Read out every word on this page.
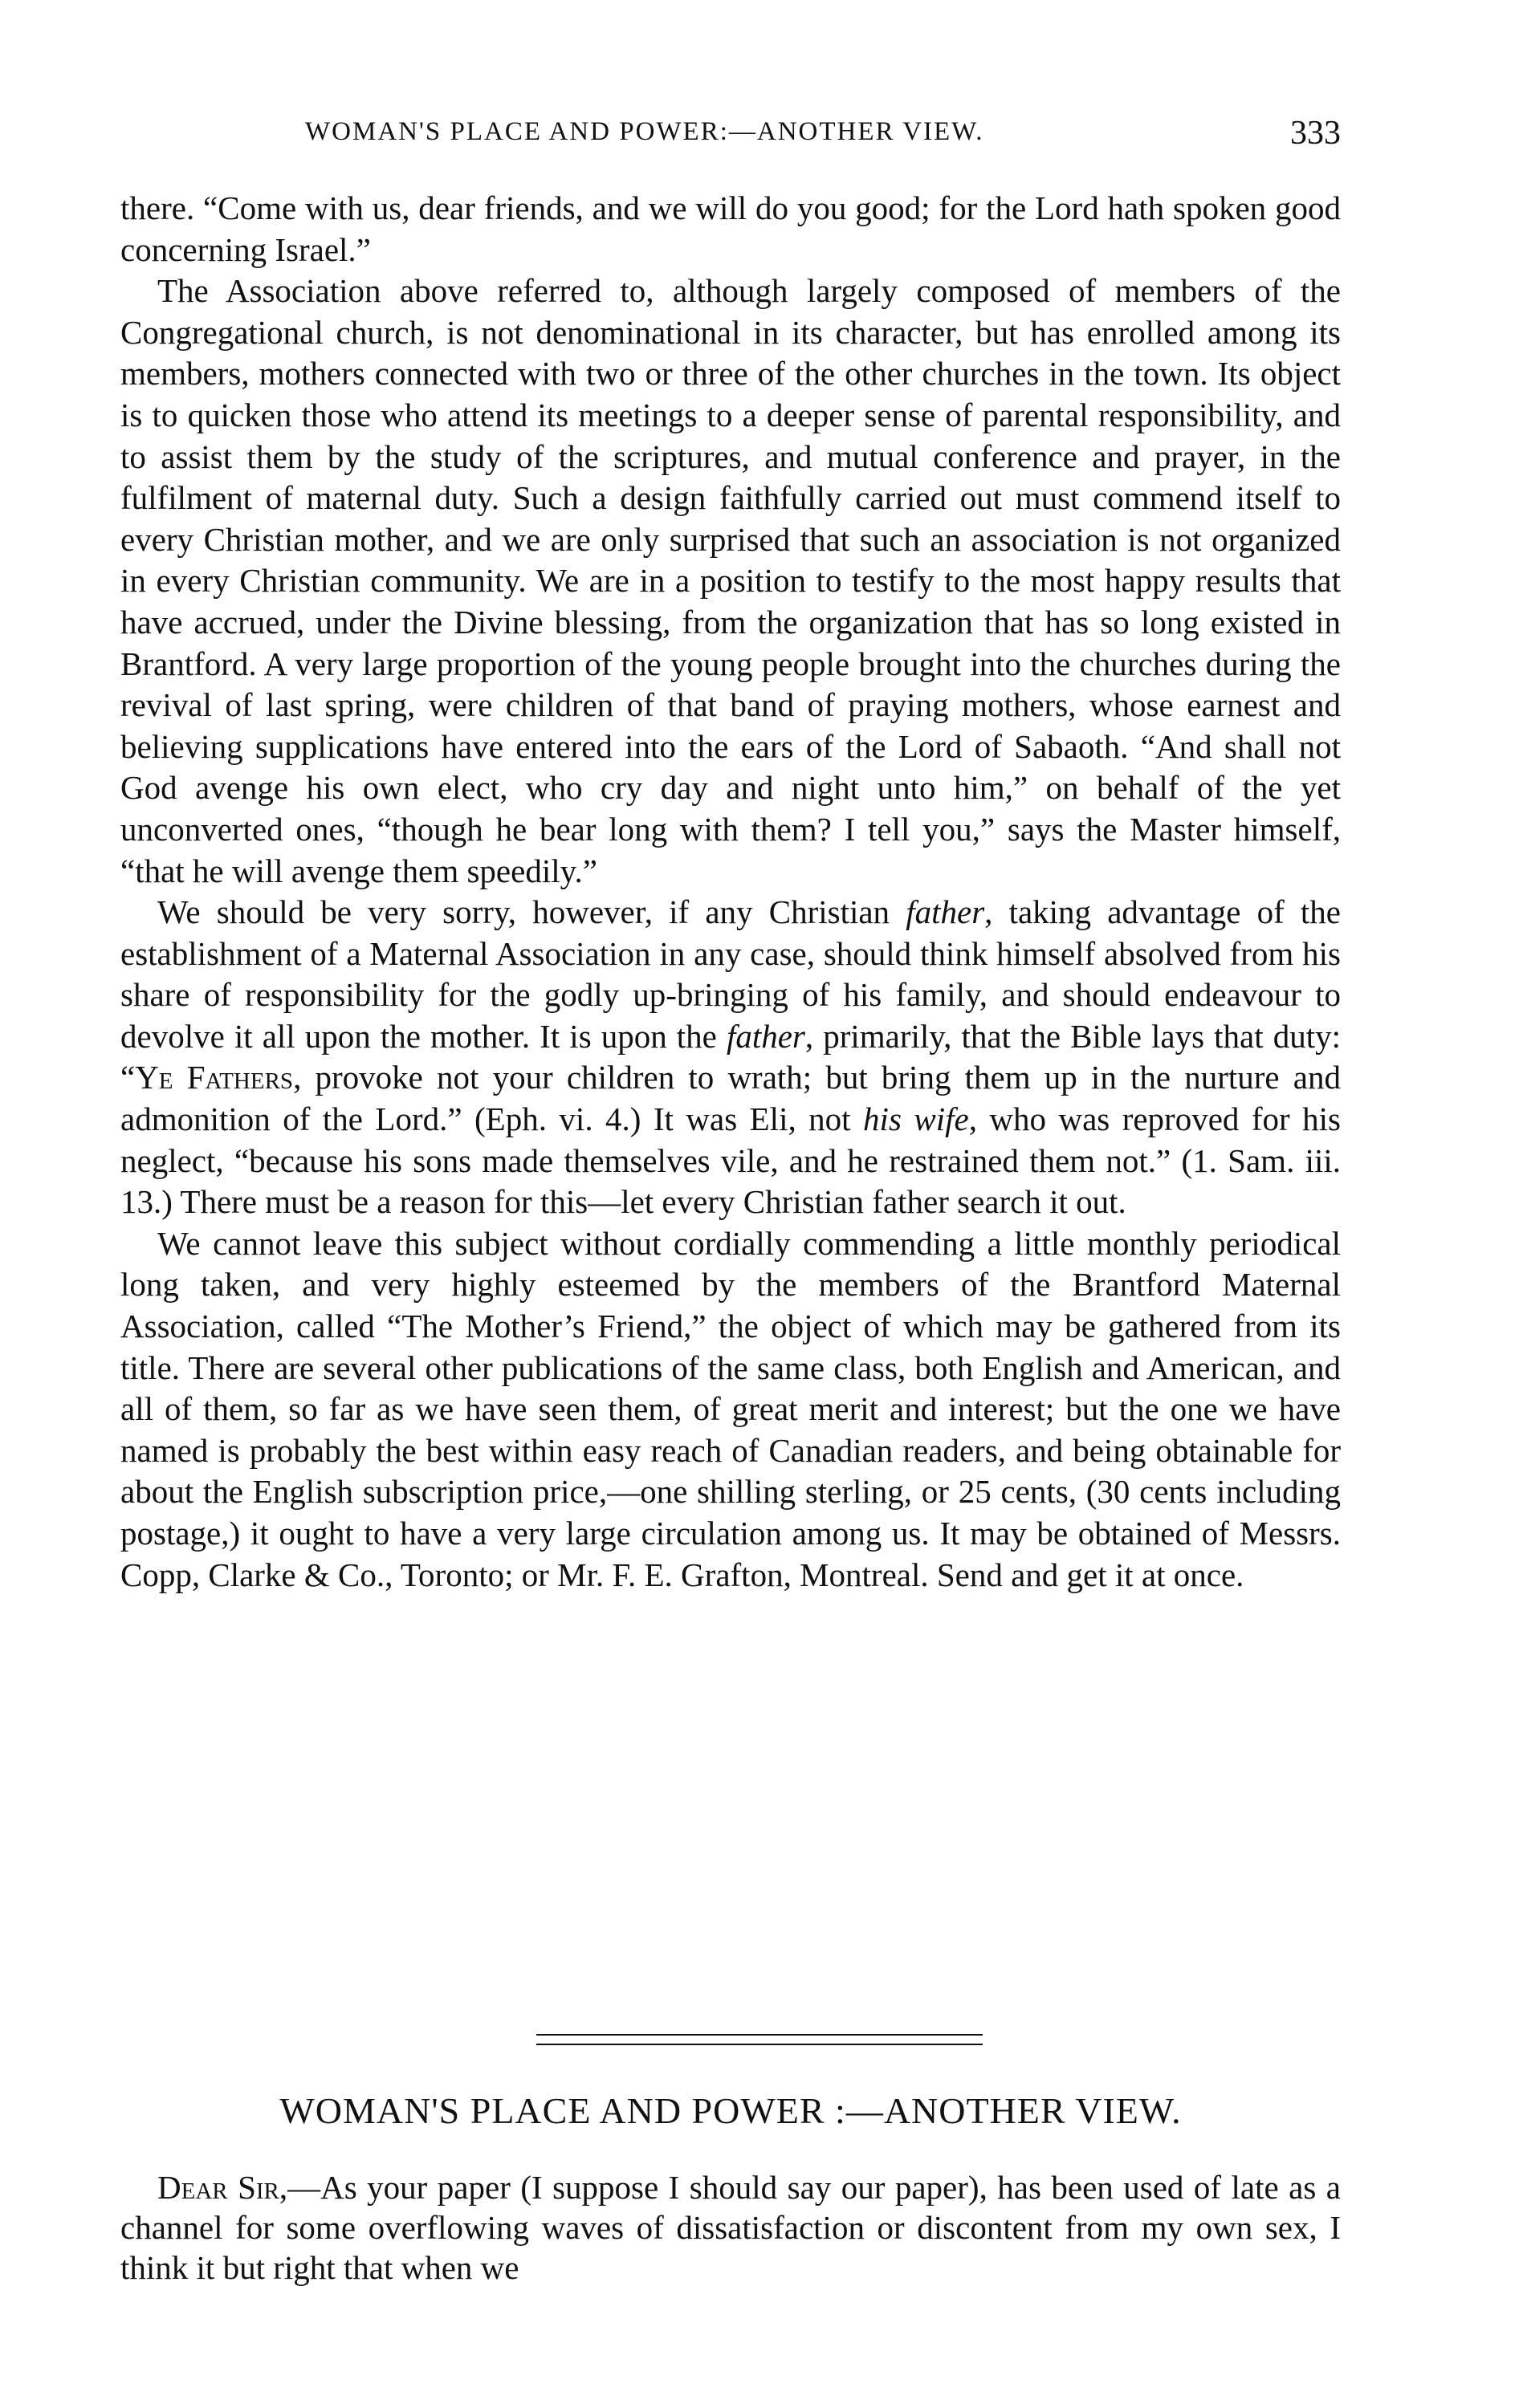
WOMAN'S PLACE AND POWER:—ANOTHER VIEW.	333

there. “Come with us, dear friends, and we will do you good; for the Lord hath spoken good concerning Israel.”

The Association above referred to, although largely composed of members of the Congregational church, is not denominational in its character, but has enrolled among its members, mothers connected with two or three of the other churches in the town. Its object is to quicken those who attend its meetings to a deeper sense of parental responsibility, and to assist them by the study of the scriptures, and mutual conference and prayer, in the fulfilment of maternal duty. Such a design faithfully carried out must commend itself to every Christian mother, and we are only surprised that such an association is not organized in every Christian community. We are in a position to testify to the most happy results that have accrued, under the Divine blessing, from the organization that has so long existed in Brantford. A very large proportion of the young people brought into the churches during the revival of last spring, were children of that band of praying mothers, whose earnest and believing supplications have entered into the ears of the Lord of Sabaoth. “And shall not God avenge his own elect, who cry day and night unto him,” on behalf of the yet unconverted ones, “though he bear long with them? I tell you,” says the Master himself, “that he will avenge them speedily.”

We should be very sorry, however, if any Christian father, taking advantage of the establishment of a Maternal Association in any case, should think himself absolved from his share of responsibility for the godly up-bringing of his family, and should endeavour to devolve it all upon the mother. It is upon the father, primarily, that the Bible lays that duty: “Ye Fathers, provoke not your children to wrath; but bring them up in the nurture and admonition of the Lord.” (Eph. vi. 4.) It was Eli, not his wife, who was reproved for his neglect, “because his sons made themselves vile, and he restrained them not.” (1. Sam. iii. 13.) There must be a reason for this—let every Christian father search it out.

We cannot leave this subject without cordially commending a little monthly periodical long taken, and very highly esteemed by the members of the Brantford Maternal Association, called “The Mother’s Friend,” the object of which may be gathered from its title. There are several other publications of the same class, both English and American, and all of them, so far as we have seen them, of great merit and interest; but the one we have named is probably the best within easy reach of Canadian readers, and being obtainable for about the English subscription price,—one shilling sterling, or 25 cents, (30 cents including postage,) it ought to have a very large circulation among us. It may be obtained of Messrs. Copp, Clarke & Co., Toronto; or Mr. F. E. Grafton, Montreal. Send and get it at once.

WOMAN'S PLACE AND POWER :—ANOTHER VIEW.

Dear Sir,—As your paper (I suppose I should say our paper), has been used of late as a channel for some overflowing waves of dissatisfaction or discontent from my own sex, I think it but right that when we
